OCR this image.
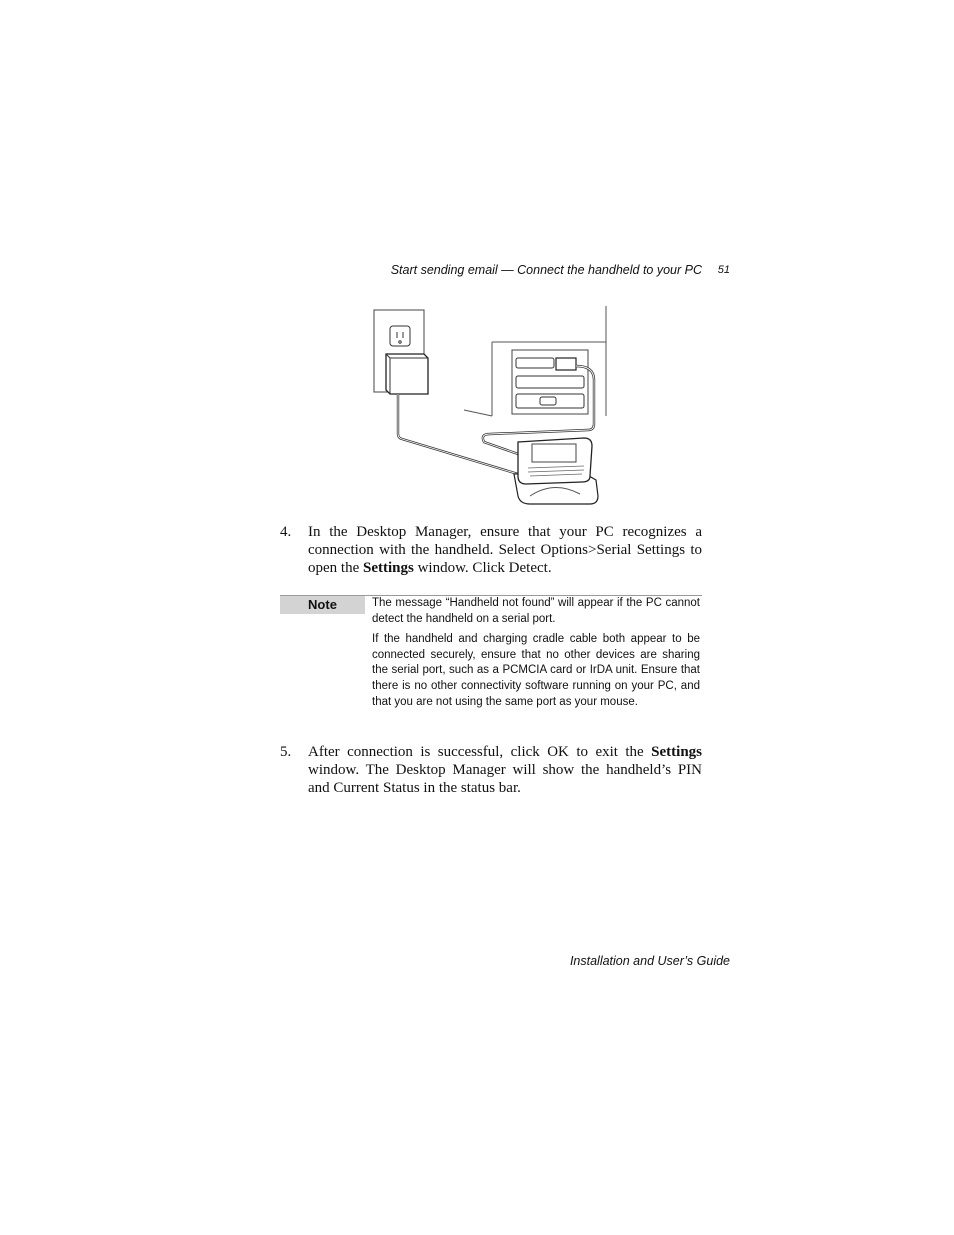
Start sending email — Connect the handheld to your PC 51
4. In the Desktop Manager, ensure that your PC recognizes a connection with the handheld. Select Options>Serial Settings to open the Settings window. Click Detect.
Note	The message “Handheld not found” will appear if the PC cannot detect the handheld on a serial port.

If the handheld and charging cradle cable both appear to be connected securely, ensure that no other devices are sharing the serial port, such as a PCMCIA card or IrDA unit. Ensure that there is no other connectivity software running on your PC, and that you are not using the same port as your mouse.

5. After connection is successful, click OK to exit the Settings window. The Desktop Manager will show the handheld’s PIN and Current Status in the status bar.
Installation and User’s Guide
